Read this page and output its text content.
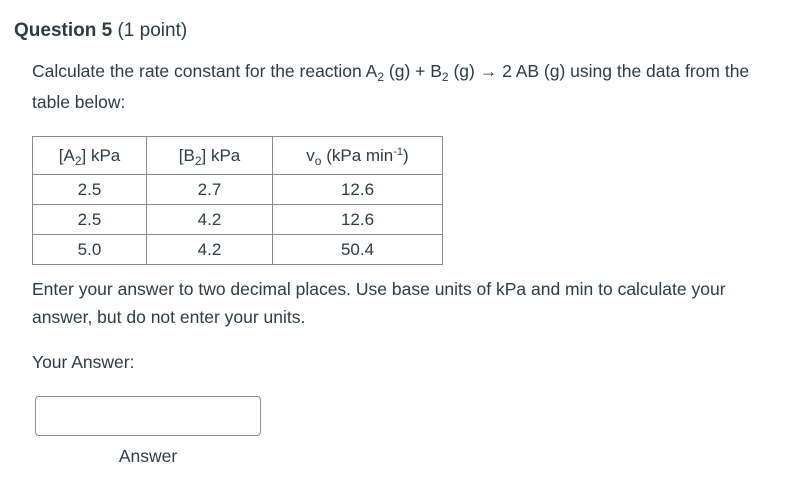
Question 5 (1 point)
Calculate the rate constant for the reaction $A_2$ $(g) + B_2$ (g) → 2 AB (g) using the data from the table below:
$[A_2]$ kPa	$[B_2]$ kPa	$v_o$ (kPa $\min^{-1}$)
2.5	2.7	12.6
2.5	4.2	12.6
5.0	4.2	50.4
Enter your answer to two decimal places. Use base units of kPa and min to calculate your answer, but do not enter your units.
Your Answer:
Answer
